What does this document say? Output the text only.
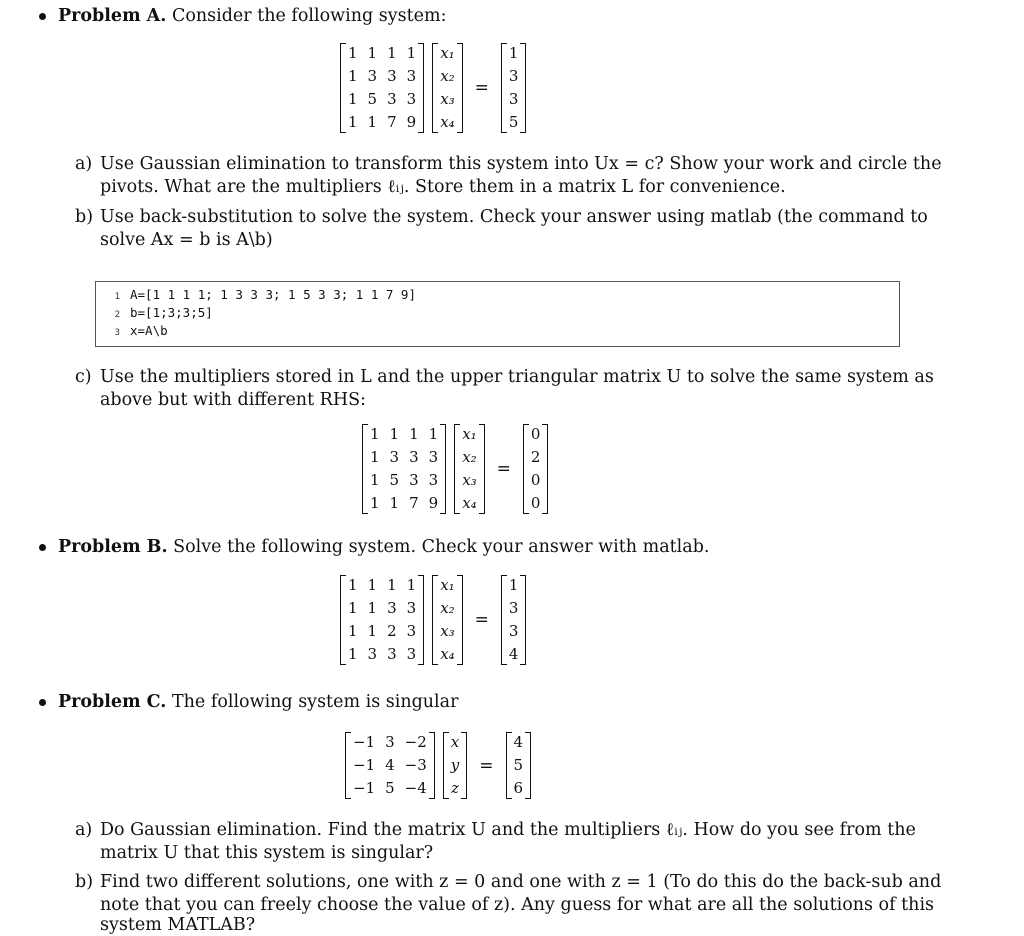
Problem A. Consider the following system:
1 1 1 1
1 3 3 3
1 5 3 3
1 1 7 9
x₁
x₂
x₃
x₄
=
1
3
3
5
a) Use Gaussian elimination to transform this system into Ux = c? Show your work and circle the
pivots. What are the multipliers ℓᵢⱼ. Store them in a matrix L for convenience.
b) Use back-substitution to solve the system. Check your answer using matlab (the command to
solve Ax = b is A\b)
1 A=[1 1 1 1; 1 3 3 3; 1 5 3 3; 1 1 7 9]
2 b=[1;3;3;5]
3 x=A\b
c) Use the multipliers stored in L and the upper triangular matrix U to solve the same system as
above but with different RHS:
1 1 1 1
1 3 3 3
1 5 3 3
1 1 7 9
x₁
x₂
x₃
x₄
=
0
2
0
0
Problem B. Solve the following system. Check your answer with matlab.
1 1 1 1
1 1 3 3
1 1 2 3
1 3 3 3
x₁
x₂
x₃
x₄
=
1
3
3
4
Problem C. The following system is singular
−1 3 −2
−1 4 −3
−1 5 −4
x
y
z
=
4
5
6
a) Do Gaussian elimination. Find the matrix U and the multipliers ℓᵢⱼ. How do you see from the
matrix U that this system is singular?
b) Find two different solutions, one with z = 0 and one with z = 1 (To do this do the back-sub and
note that you can freely choose the value of z). Any guess for what are all the solutions of this
system MATLAB?
